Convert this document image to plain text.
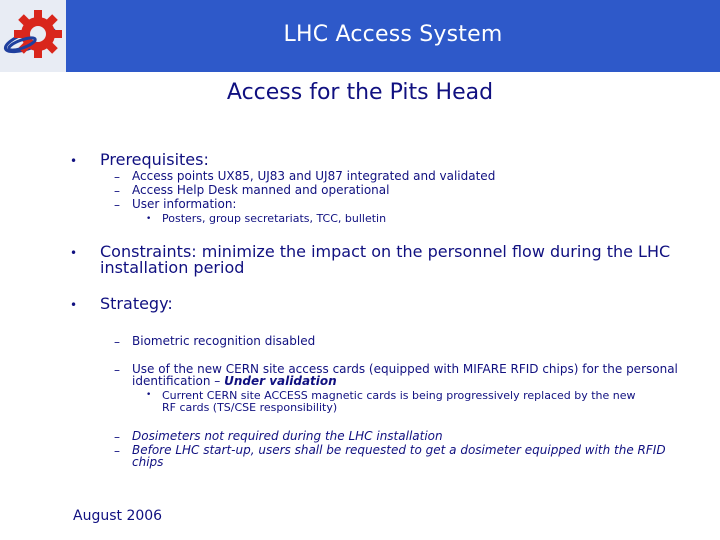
LHC Access System
Access for the Pits Head
• Prerequisites:
– Access points UX85, UJ83 and UJ87 integrated and validated
– Access Help Desk manned and operational
– User information:
• Posters, group secretariats, TCC, bulletin
• Constraints: minimize the impact on the personnel flow during the LHC
installation period
• Strategy:
– Biometric recognition disabled
– Use of the new CERN site access cards (equipped with MIFARE RFID chips) for the personal
identification – Under validation
• Current CERN site ACCESS magnetic cards is being progressively replaced by the new
RF cards (TS/CSE responsibility)
– Dosimeters not required during the LHC installation
– Before LHC start-up, users shall be requested to get a dosimeter equipped with the RFID
chips
August 2006
